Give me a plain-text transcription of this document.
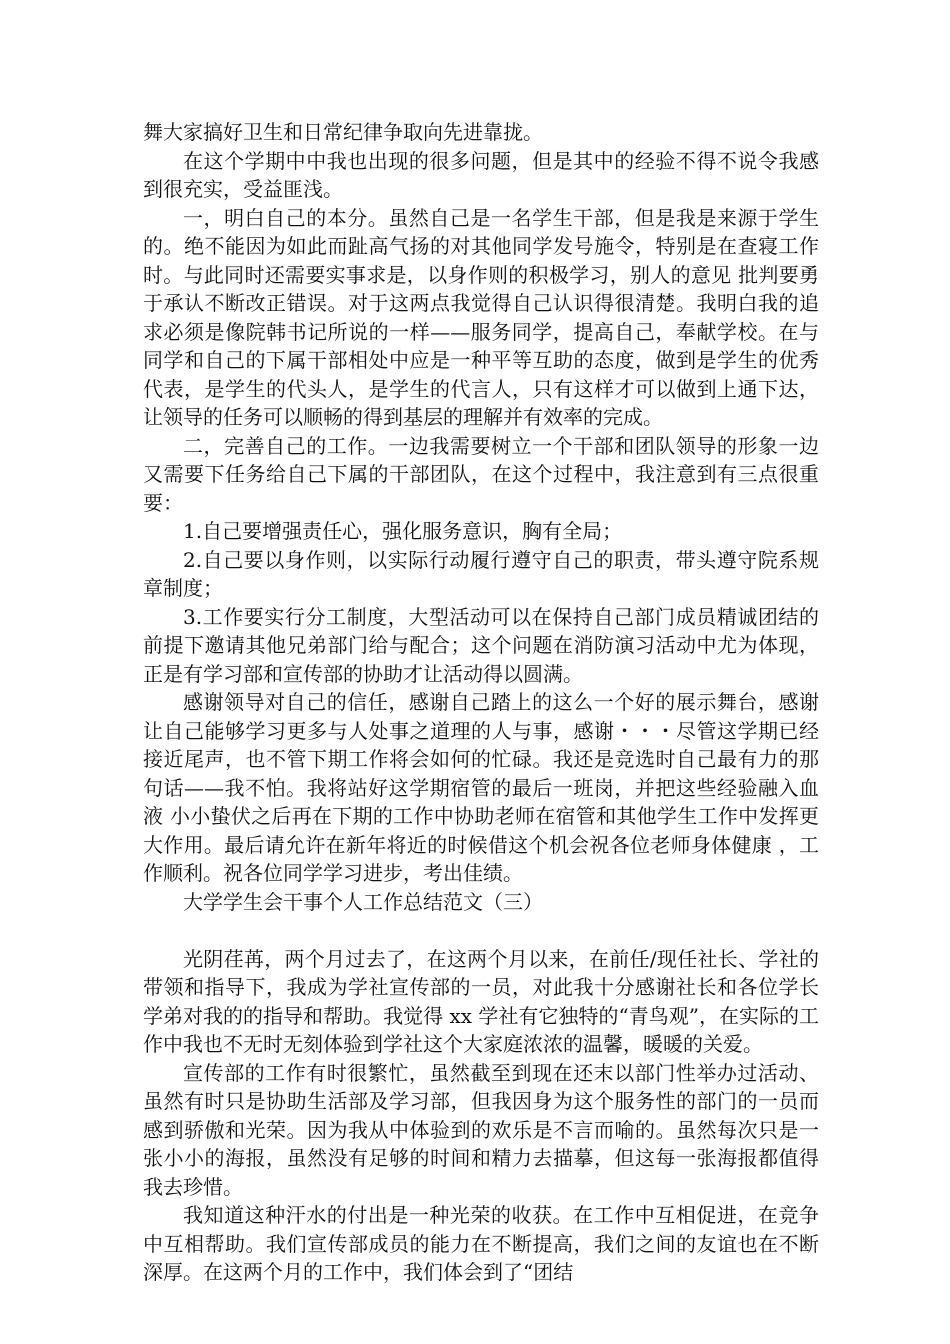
舞大家搞好卫生和日常纪律争取向先进靠拢。

在这个学期中中我也出现的很多问题，但是其中的经验不得不说令我感到很充实，受益匪浅。

一，明白自己的本分。虽然自己是一名学生干部，但是我是来源于学生的。绝不能因为如此而趾高气扬的对其他同学发号施令，特别是在查寝工作时。与此同时还需要实事求是，以身作则的积极学习，别人的意见 批判要勇于承认不断改正错误。对于这两点我觉得自己认识得很清楚。我明白我的追求必须是像院韩书记所说的一样——服务同学，提高自己，奉献学校。在与同学和自己的下属干部相处中应是一种平等互助的态度，做到是学生的优秀代表，是学生的代头人，是学生的代言人，只有这样才可以做到上通下达，让领导的任务可以顺畅的得到基层的理解并有效率的完成。

二，完善自己的工作。一边我需要树立一个干部和团队领导的形象一边又需要下任务给自己下属的干部团队，在这个过程中，我注意到有三点很重要：

1.自己要增强责任心，强化服务意识，胸有全局；

2.自己要以身作则，以实际行动履行遵守自己的职责，带头遵守院系规章制度；

3.工作要实行分工制度，大型活动可以在保持自己部门成员精诚团结的前提下邀请其他兄弟部门给与配合；这个问题在消防演习活动中尤为体现，正是有学习部和宣传部的协助才让活动得以圆满。

感谢领导对自己的信任，感谢自己踏上的这么一个好的展示舞台，感谢让自己能够学习更多与人处事之道理的人与事，感谢・・・尽管这学期已经接近尾声，也不管下期工作将会如何的忙碌。我还是竞选时自己最有力的那句话——我不怕。我将站好这学期宿管的最后一班岗，并把这些经验融入血液 小小蛰伏之后再在下期的工作中协助老师在宿管和其他学生工作中发挥更大作用。最后请允许在新年将近的时候借这个机会祝各位老师身体健康 ，工作顺利。祝各位同学学习进步，考出佳绩。

大学学生会干事个人工作总结范文（三）

光阴荏苒，两个月过去了，在这两个月以来，在前任/现任社长、学社的带领和指导下，我成为学社宣传部的一员，对此我十分感谢社长和各位学长学弟对我的的指导和帮助。我觉得 xx 学社有它独特的“青鸟观”，在实际的工作中我也不无时无刻体验到学社这个大家庭浓浓的温馨，暖暖的关爱。

宣传部的工作有时很繁忙，虽然截至到现在还末以部门性举办过活动、虽然有时只是协助生活部及学习部，但我因身为这个服务性的部门的一员而感到骄傲和光荣。因为我从中体验到的欢乐是不言而喻的。虽然每次只是一张小小的海报，虽然没有足够的时间和精力去描摹，但这每一张海报都值得我去珍惜。

我知道这种汗水的付出是一种光荣的收获。在工作中互相促进，在竞争中互相帮助。我们宣传部成员的能力在不断提高，我们之间的友谊也在不断深厚。在这两个月的工作中，我们体会到了“团结
